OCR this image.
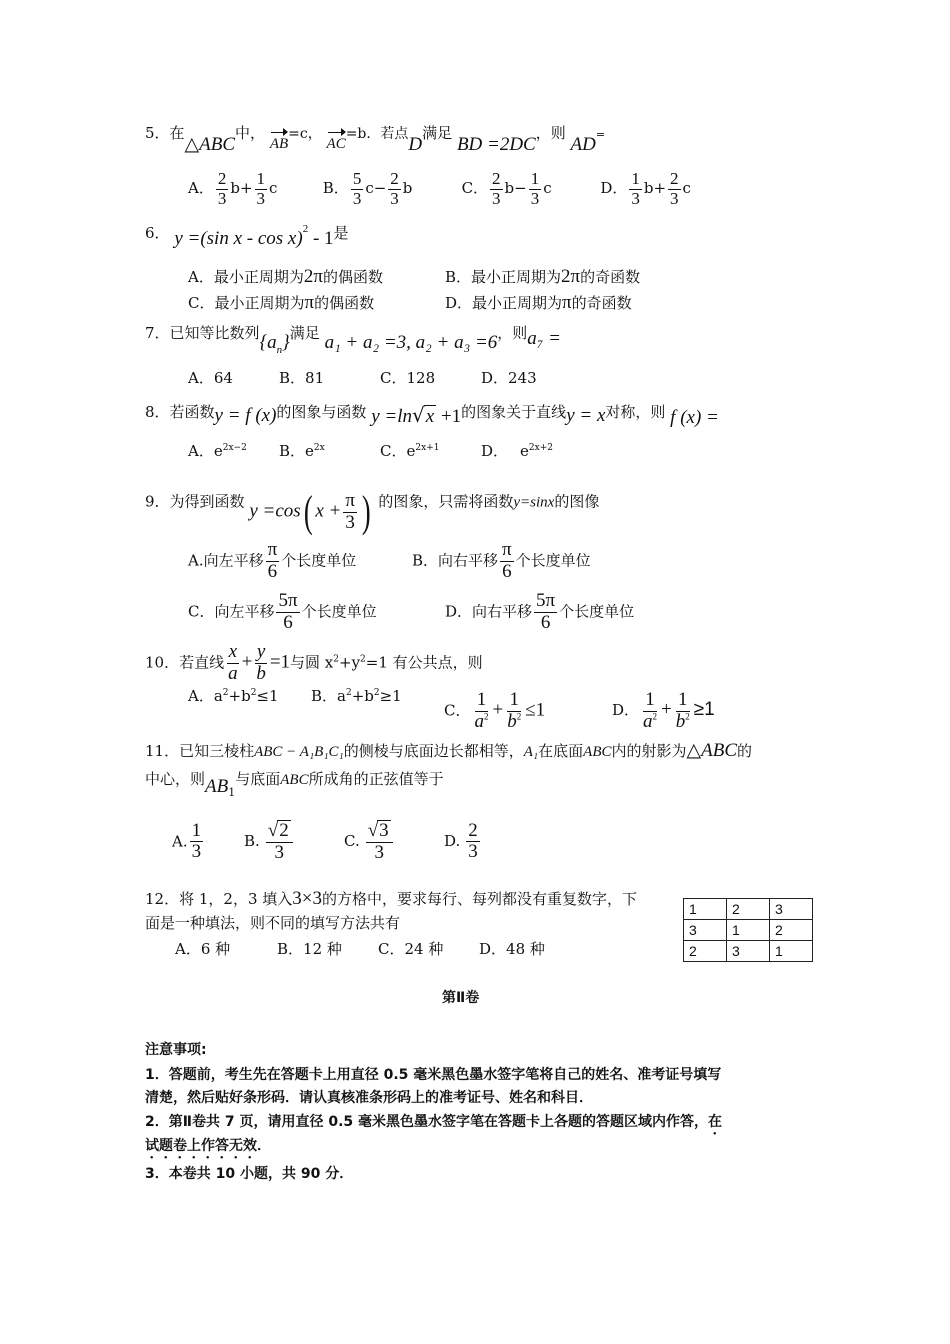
5．在△ABC中， AB=c， AC=b．若点D满足 BD =2DC，则 AD=
A． $\frac{2}{3} b+ \frac{1}{3}$ c	B． $\frac{5}{3} c- \frac{2}{3}$ b	C． $\frac{2}{3} b- \frac{1}{3}$ c	D． $\frac{1}{3} b+ \frac{2}{3}$ c
6． y =(sin x - cos x)$^2$ - 1是
A．最小正周期为2π的偶函数	B．最小正周期为2π的奇函数
C．最小正周期为π的偶函数	D．最小正周期为π的奇函数
7．已知等比数列$\{a_n\}$满足 a₁ + a₂ =3, a₂ + a₃ =6，则a₇ =
A．64	B．81	C．128	D．243
8．若函数y = f (x)的图象与函数 y =ln√x +1的图象关于直线y = x对称，则 f (x) =
A．$e^{2x-2}$ B．$e^{2x}$	C．$e^{2x+1}$	D． $e^{2x+2}$
9．为得到函数 y =cos( $x + \frac{\pi}{3}$ ) 的图象，只需将函数y=sinx的图像
A.向左平移 $\frac{\pi}{6}$ 个长度单位	B．向右平移 $\frac{\pi}{6}$ 个长度单位
C．向左平移 $\frac{5\pi}{6}$ 个长度单位	D．向右平移 $\frac{5\pi}{6}$ 个长度单位
10．若直线 $\frac{x}{a} + \frac{y}{b} =1$与圆 $x^2+y^2=1$ 有公共点，则
A．$a^2+b^2\le 1$ B．$a^2+b^2\ge 1C$． $\frac{1}{a^2} + \frac{1}{b^2} \le 1$	D． $\frac{1}{a^2} + \frac{1}{b^2} \ge 1$
11．已知三棱柱ABC − A₁B₁C₁的侧棱与底面边长都相等，A₁在底面ABC内的射影为△ABC的
中心，则$AB_1$与底面ABC所成角的正弦值等于
A. $\frac{1}{3}$	B. $\frac{√2}{3}$	C. $\frac{√3}{3}$	D. $\frac{2}{3}$
12．将 1，2，3 填入3×3的方格中，要求每行、每列都没有重复数字，下
面是一种填法，则不同的填写方法共有
A．6 种	B．12 种 C．24 种 D．48 种
1	2	3
3	1	2
2	3	1
第Ⅱ卷
注意事项:
1．答题前，考生先在答题卡上用直径 0.5 毫米黑色墨水签字笔将自己的姓名、准考证号填写
清楚，然后贴好条形码．请认真核准条形码上的准考证号、姓名和科目．
2．第Ⅱ卷共 7 页，请用直径 0.5 毫米黑色墨水签字笔在答题卡上各题的答题区域内作答，在
试题卷上作答无效．
3．本卷共 10 小题，共 90 分．
